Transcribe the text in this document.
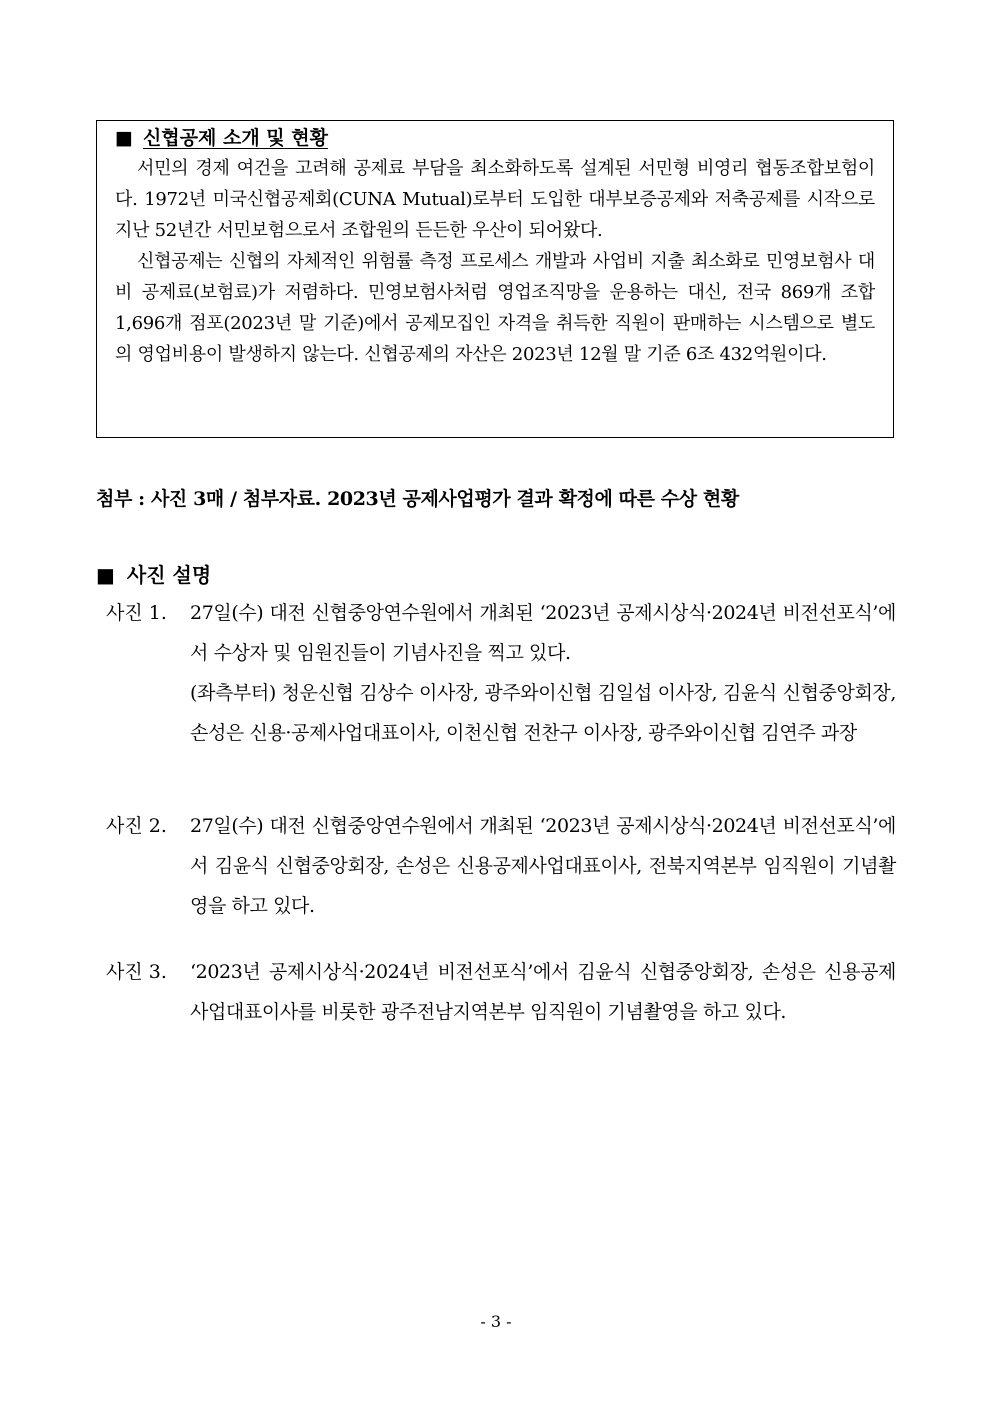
■ 신협공제 소개 및 현황

서민의 경제 여건을 고려해 공제료 부담을 최소화하도록 설계된 서민형 비영리 협동조합보험이다. 1972년 미국신협공제회(CUNA Mutual)로부터 도입한 대부보증공제와 저축공제를 시작으로 지난 52년간 서민보험으로서 조합원의 든든한 우산이 되어왔다.

신협공제는 신협의 자체적인 위험률 측정 프로세스 개발과 사업비 지출 최소화로 민영보험사 대비 공제료(보험료)가 저렴하다. 민영보험사처럼 영업조직망을 운용하는 대신, 전국 869개 조합 1,696개 점포(2023년 말 기준)에서 공제모집인 자격을 취득한 직원이 판매하는 시스템으로 별도의 영업비용이 발생하지 않는다. 신협공제의 자산은 2023년 12월 말 기준 6조 432억원이다.

첨부 : 사진 3매 / 첨부자료. 2023년 공제사업평가 결과 확정에 따른 수상 현황
■ 사진 설명
사진 1. 27일(수) 대전 신협중앙연수원에서 개최된 ‘2023년 공제시상식·2024년 비전선포식’에서 수상자 및 임원진들이 기념사진을 찍고 있다.

(좌측부터) 청운신협 김상수 이사장, 광주와이신협 김일섭 이사장, 김윤식 신협중앙회장, 손성은 신용·공제사업대표이사, 이천신협 전찬구 이사장, 광주와이신협 김연주 과장

사진 2. 27일(수) 대전 신협중앙연수원에서 개최된 ‘2023년 공제시상식·2024년 비전선포식’에서 김윤식 신협중앙회장, 손성은 신용공제사업대표이사, 전북지역본부 임직원이 기념촬영을 하고 있다.

사진 3. ‘2023년 공제시상식·2024년 비전선포식’에서 김윤식 신협중앙회장, 손성은 신용공제사업대표이사를 비롯한 광주전남지역본부 임직원이 기념촬영을 하고 있다.

- 3 -
